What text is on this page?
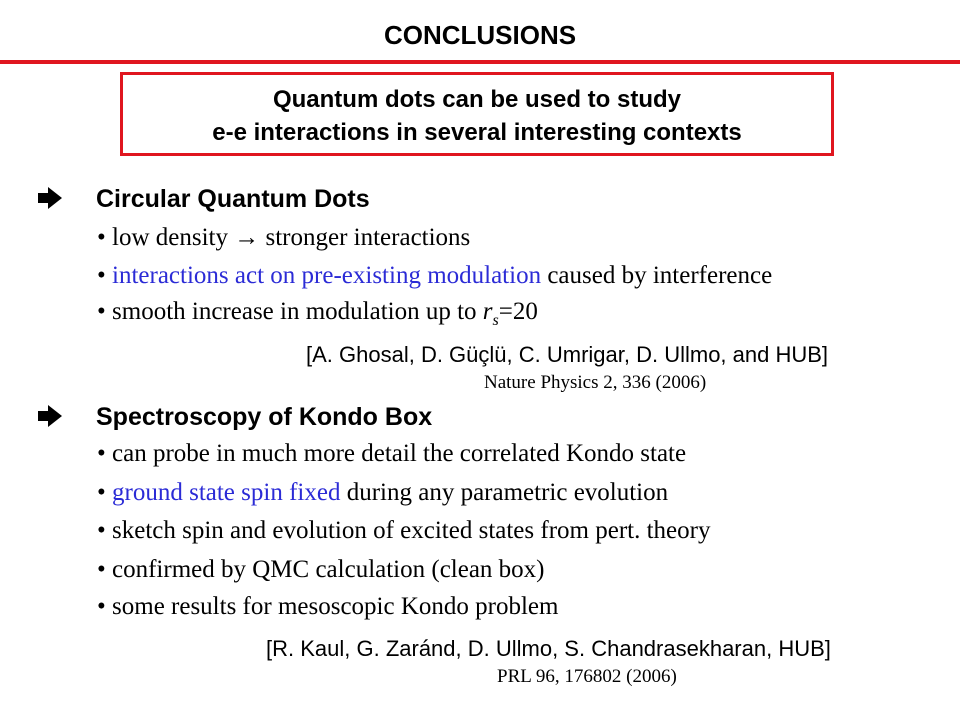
CONCLUSIONS
Quantum dots can be used to study
e-e interactions in several interesting contexts
Circular Quantum Dots
• low density → stronger interactions
• interactions act on pre-existing modulation caused by interference
• smooth increase in modulation up to $r_s=20$
[A. Ghosal, D. Güçlü, C. Umrigar, D. Ullmo, and HUB]
Nature Physics 2, 336 (2006)
Spectroscopy of Kondo Box
• can probe in much more detail the correlated Kondo state
• ground state spin fixed during any parametric evolution
• sketch spin and evolution of excited states from pert. theory
• confirmed by QMC calculation (clean box)
• some results for mesoscopic Kondo problem
[R. Kaul, G. Zaránd, D. Ullmo, S. Chandrasekharan, HUB]
PRL 96, 176802 (2006)
